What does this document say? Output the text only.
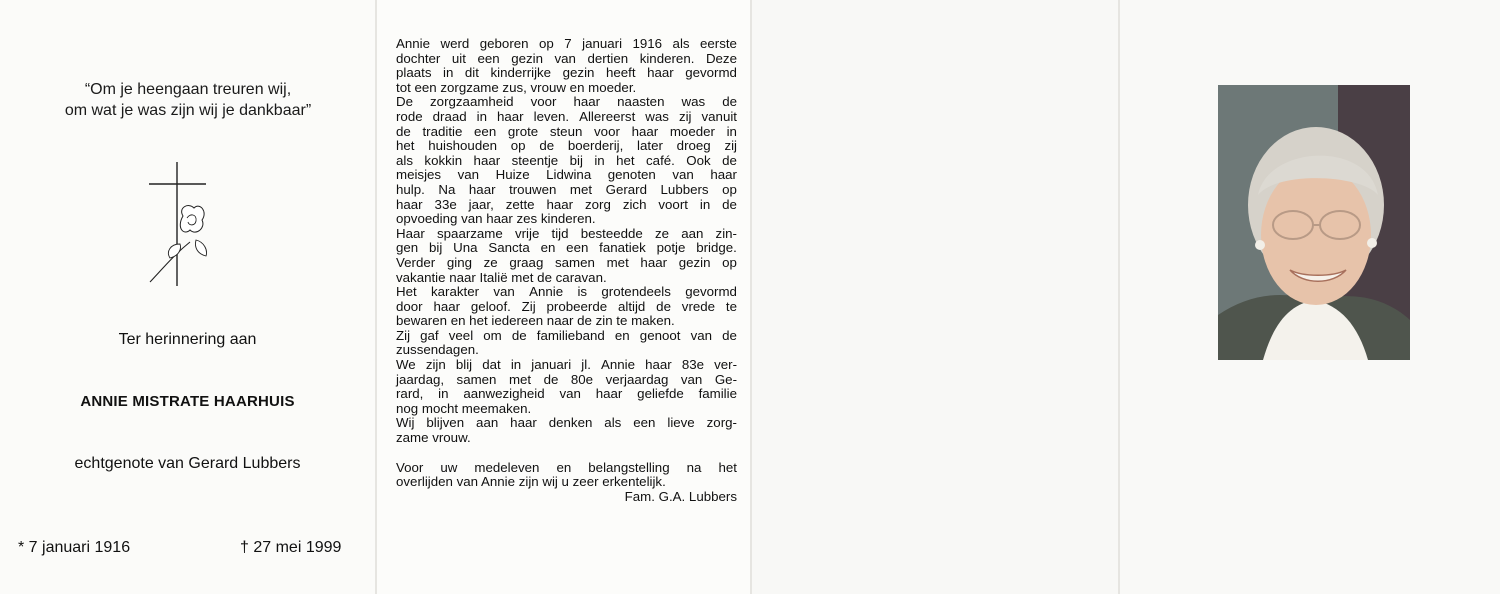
“Om je heengaan treuren wij,
om wat je was zijn wij je dankbaar”
Ter herinnering aan
ANNIE MISTRATE HAARHUIS
echtgenote van Gerard Lubbers
* 7 januari 1916	† 27 mei 1999
Annie werd geboren op 7 januari 1916 als eerste
dochter uit een gezin van dertien kinderen. Deze
plaats in dit kinderrijke gezin heeft haar gevormd
tot een zorgzame zus, vrouw en moeder.
De zorgzaamheid voor haar naasten was de
rode draad in haar leven. Allereerst was zij vanuit
de traditie een grote steun voor haar moeder in
het huishouden op de boerderij, later droeg zij
als kokkin haar steentje bij in het café. Ook de
meisjes van Huize Lidwina genoten van haar
hulp. Na haar trouwen met Gerard Lubbers op
haar 33e jaar, zette haar zorg zich voort in de
opvoeding van haar zes kinderen.
Haar spaarzame vrije tijd besteedde ze aan zin-
gen bij Una Sancta en een fanatiek potje bridge.
Verder ging ze graag samen met haar gezin op
vakantie naar Italië met de caravan.
Het karakter van Annie is grotendeels gevormd
door haar geloof. Zij probeerde altijd de vrede te
bewaren en het iedereen naar de zin te maken.
Zij gaf veel om de familieband en genoot van de
zussendagen.
We zijn blij dat in januari jl. Annie haar 83e ver-
jaardag, samen met de 80e verjaardag van Ge-
rard, in aanwezigheid van haar geliefde familie
nog mocht meemaken.
Wij blijven aan haar denken als een lieve zorg-
zame vrouw.
Voor uw medeleven en belangstelling na het
overlijden van Annie zijn wij u zeer erkentelijk.
Fam. G.A. Lubbers
